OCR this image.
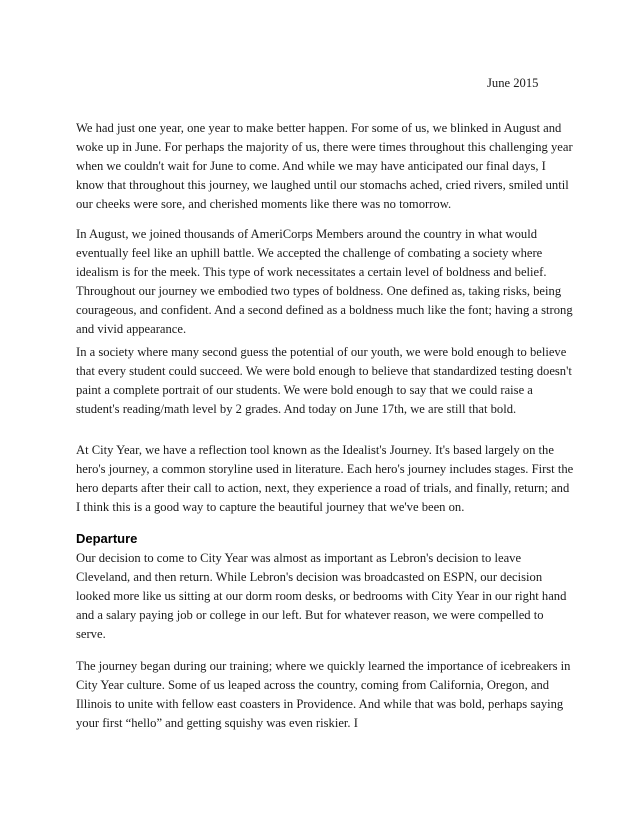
June 2015

We had just one year, one year to make better happen. For some of us, we blinked in August and woke up in June. For perhaps the majority of us, there were times throughout this challenging year when we couldn't wait for June to come. And while we may have anticipated our final days, I know that throughout this journey, we laughed until our stomachs ached, cried rivers, smiled until our cheeks were sore, and cherished moments like there was no tomorrow.

In August, we joined thousands of AmeriCorps Members around the country in what would eventually feel like an uphill battle. We accepted the challenge of combating a society where idealism is for the meek. This type of work necessitates a certain level of boldness and belief. Throughout our journey we embodied two types of boldness. One defined as, taking risks, being courageous, and confident. And a second defined as a boldness much like the font; having a strong and vivid appearance.

In a society where many second guess the potential of our youth, we were bold enough to believe that every student could succeed. We were bold enough to believe that standardized testing doesn't paint a complete portrait of our students. We were bold enough to say that we could raise a student's reading/math level by 2 grades. And today on June 17th, we are still that bold.

At City Year, we have a reflection tool known as the Idealist's Journey. It's based largely on the hero's journey, a common storyline used in literature. Each hero's journey includes stages. First the hero departs after their call to action, next, they experience a road of trials, and finally, return; and I think this is a good way to capture the beautiful journey that we've been on.

Departure

Our decision to come to City Year was almost as important as Lebron's decision to leave Cleveland, and then return. While Lebron's decision was broadcasted on ESPN, our decision looked more like us sitting at our dorm room desks, or bedrooms with City Year in our right hand and a salary paying job or college in our left. But for whatever reason, we were compelled to serve.

The journey began during our training; where we quickly learned the importance of icebreakers in City Year culture. Some of us leaped across the country, coming from California, Oregon, and Illinois to unite with fellow east coasters in Providence. And while that was bold, perhaps saying your first “hello” and getting squishy was even riskier. I
